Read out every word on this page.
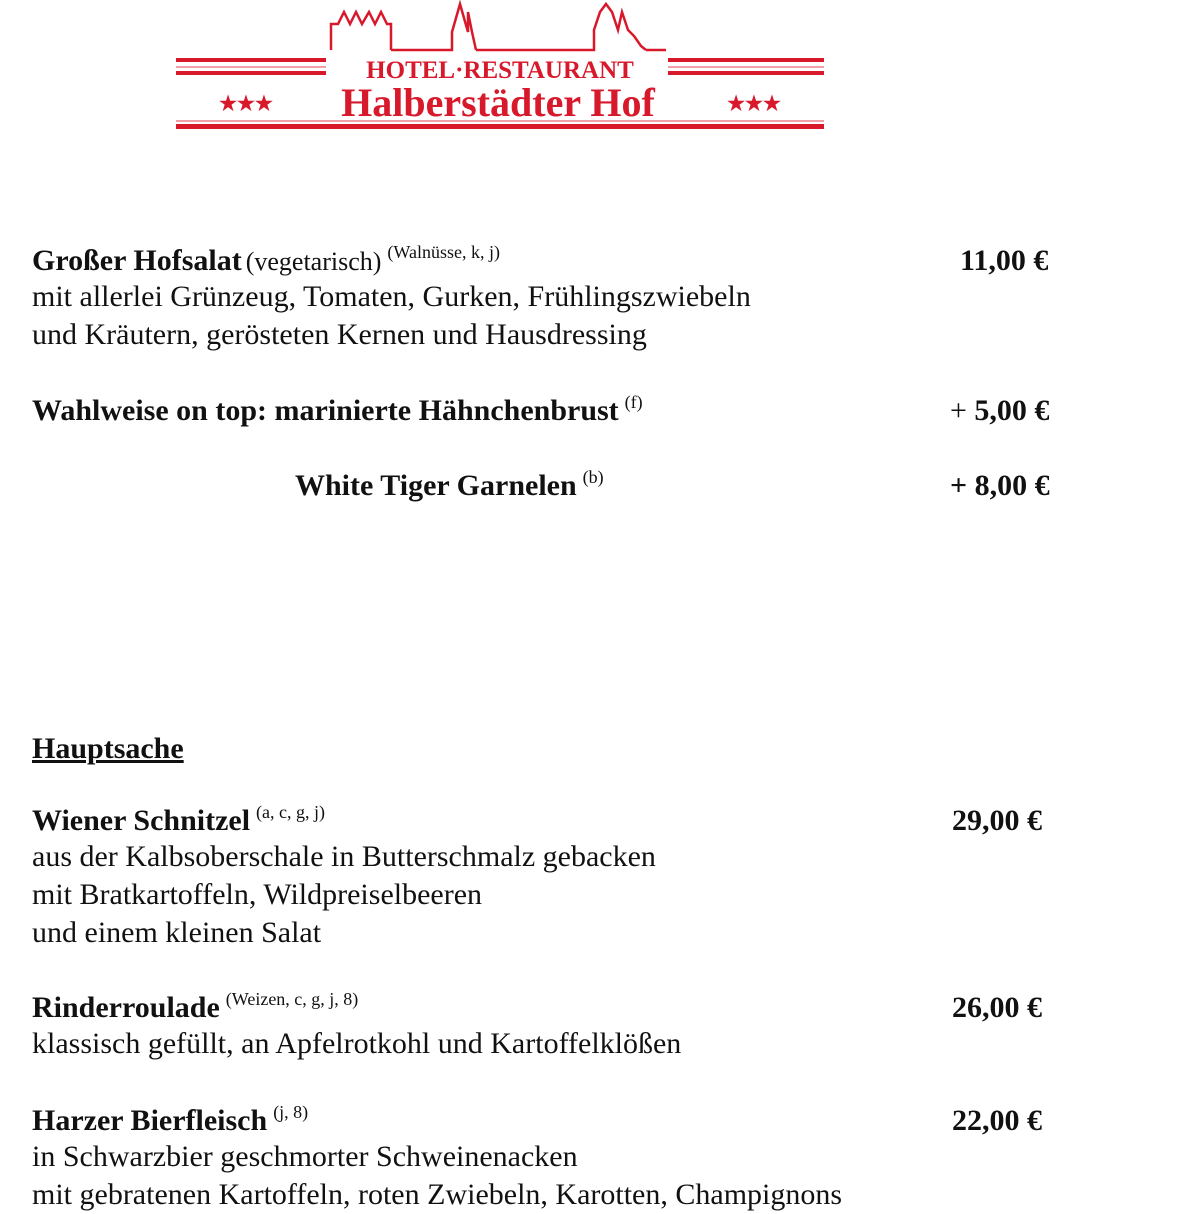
HOTEL·RESTAURANT
Halberstädter Hof
★★★	★★★
Großer Hofsalat (vegetarisch) (Walnüsse, k, j)
mit allerlei Grünzeug, Tomaten, Gurken, Frühlingszwiebeln
und Kräutern, gerösteten Kernen und Hausdressing
11,00 €
Wahlweise on top: marinierte Hähnchenbrust (f)	+ 5,00 €
White Tiger Garnelen (b)	+ 8,00 €
Hauptsache
Wiener Schnitzel (a, c, g, j)
aus der Kalbsoberschale in Butterschmalz gebacken
mit Bratkartoffeln, Wildpreiselbeeren
und einem kleinen Salat
29,00 €
Rinderroulade (Weizen, c, g, j, 8)
klassisch gefüllt, an Apfelrotkohl und Kartoffelklößen
26,00 €
Harzer Bierfleisch (j, 8)
in Schwarzbier geschmorter Schweinenacken
mit gebratenen Kartoffeln, roten Zwiebeln, Karotten, Champignons
22,00 €
